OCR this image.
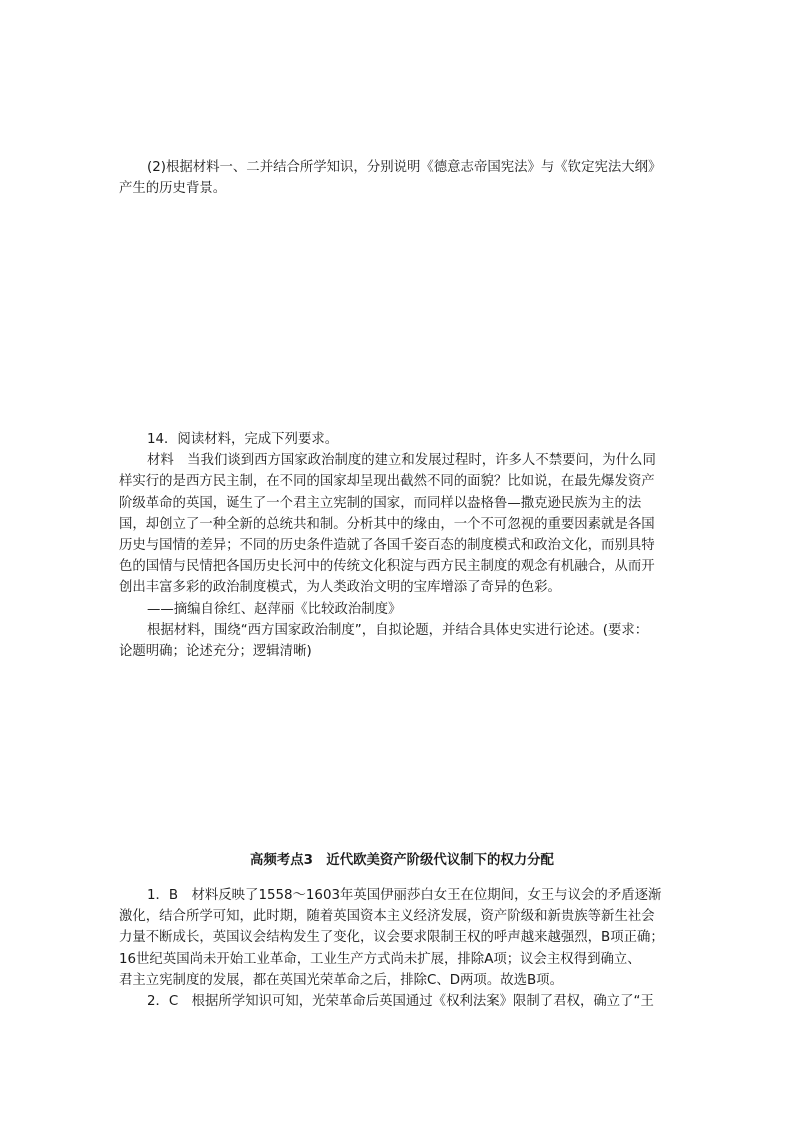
(2)根据材料一、二并结合所学知识，分别说明《德意志帝国宪法》与《钦定宪法大纲》

产生的历史背景。

14．阅读材料，完成下列要求。

材料　当我们谈到西方国家政治制度的建立和发展过程时，许多人不禁要问，为什么同

样实行的是西方民主制，在不同的国家却呈现出截然不同的面貌？比如说，在最先爆发资产

阶级革命的英国，诞生了一个君主立宪制的国家，而同样以盎格鲁—撒克逊民族为主的法

国，却创立了一种全新的总统共和制。分析其中的缘由，一个不可忽视的重要因素就是各国

历史与国情的差异；不同的历史条件造就了各国千姿百态的制度模式和政治文化，而别具特

色的国情与民情把各国历史长河中的传统文化积淀与西方民主制度的观念有机融合，从而开

创出丰富多彩的政治制度模式，为人类政治文明的宝库增添了奇异的色彩。

——摘编自徐红、赵萍丽《比较政治制度》

根据材料，围绕“西方国家政治制度”，自拟论题，并结合具体史实进行论述。(要求：

论题明确；论述充分；逻辑清晰)

高频考点3　近代欧美资产阶级代议制下的权力分配

1．B　材料反映了1558～1603年英国伊丽莎白女王在位期间，女王与议会的矛盾逐渐

激化，结合所学可知，此时期，随着英国资本主义经济发展，资产阶级和新贵族等新生社会

力量不断成长，英国议会结构发生了变化，议会要求限制王权的呼声越来越强烈，B项正确；

16世纪英国尚未开始工业革命，工业生产方式尚未扩展，排除A项；议会主权得到确立、

君主立宪制度的发展，都在英国光荣革命之后，排除C、D两项。故选B项。

2．C　根据所学知识可知，光荣革命后英国通过《权利法案》限制了君权，确立了“王
